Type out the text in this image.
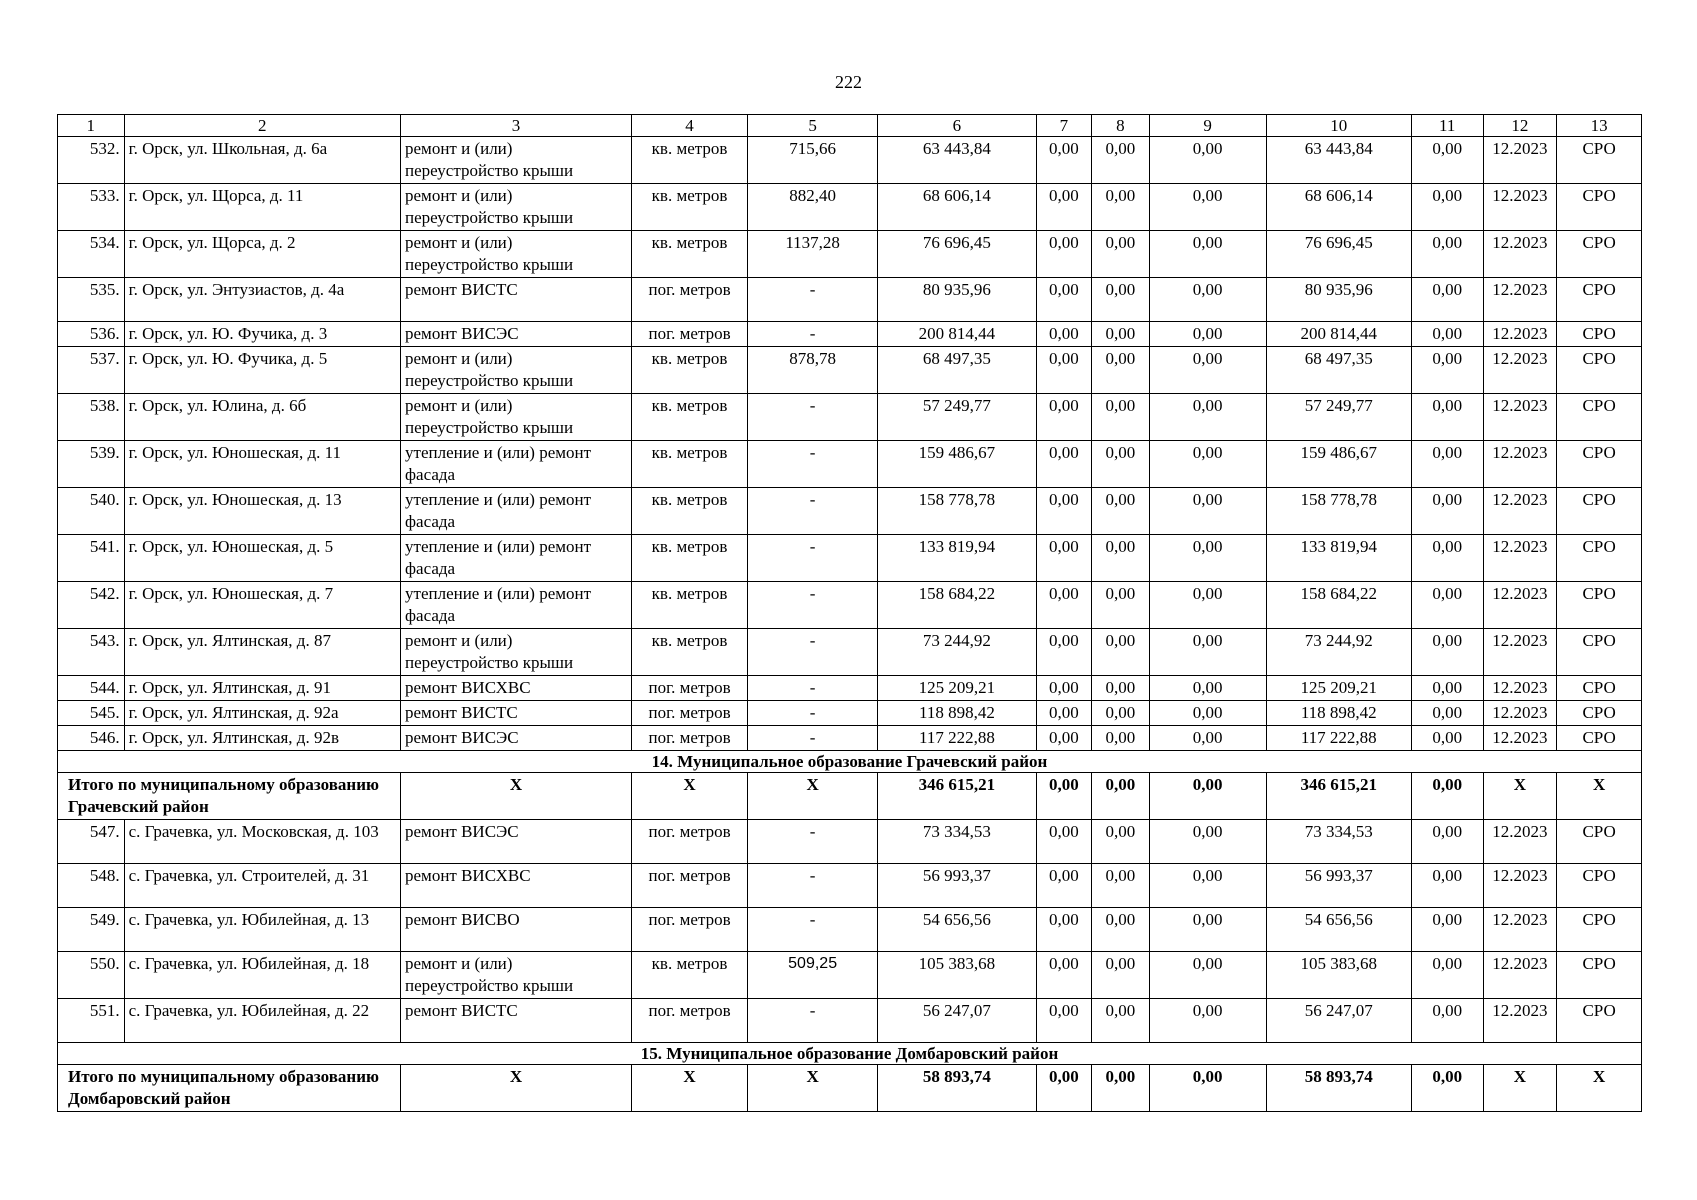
222
1	2	3	4	5	6	7	8	9	10	11	12	13
532.	г. Орск, ул. Школьная, д. 6а	ремонт и (или) переустройство крыши	кв. метров	715,66	63 443,84	0,00	0,00	0,00	63 443,84	0,00	12.2023	СРО
533.	г. Орск, ул. Щорса, д. 11	ремонт и (или) переустройство крыши	кв. метров	882,40	68 606,14	0,00	0,00	0,00	68 606,14	0,00	12.2023	СРО
534.	г. Орск, ул. Щорса, д. 2	ремонт и (или) переустройство крыши	кв. метров	1137,28	76 696,45	0,00	0,00	0,00	76 696,45	0,00	12.2023	СРО
535.	г. Орск, ул. Энтузиастов, д. 4а	ремонт ВИСТС	пог. метров	-	80 935,96	0,00	0,00	0,00	80 935,96	0,00	12.2023	СРО
536.	г. Орск, ул. Ю. Фучика, д. 3	ремонт ВИСЭС	пог. метров	-	200 814,44	0,00	0,00	0,00	200 814,44	0,00	12.2023	СРО
537.	г. Орск, ул. Ю. Фучика, д. 5	ремонт и (или) переустройство крыши	кв. метров	878,78	68 497,35	0,00	0,00	0,00	68 497,35	0,00	12.2023	СРО
538.	г. Орск, ул. Юлина, д. 6б	ремонт и (или) переустройство крыши	кв. метров	-	57 249,77	0,00	0,00	0,00	57 249,77	0,00	12.2023	СРО
539.	г. Орск, ул. Юношеская, д. 11	утепление и (или) ремонт фасада	кв. метров	-	159 486,67	0,00	0,00	0,00	159 486,67	0,00	12.2023	СРО
540.	г. Орск, ул. Юношеская, д. 13	утепление и (или) ремонт фасада	кв. метров	-	158 778,78	0,00	0,00	0,00	158 778,78	0,00	12.2023	СРО
541.	г. Орск, ул. Юношеская, д. 5	утепление и (или) ремонт фасада	кв. метров	-	133 819,94	0,00	0,00	0,00	133 819,94	0,00	12.2023	СРО
542.	г. Орск, ул. Юношеская, д. 7	утепление и (или) ремонт фасада	кв. метров	-	158 684,22	0,00	0,00	0,00	158 684,22	0,00	12.2023	СРО
543.	г. Орск, ул. Ялтинская, д. 87	ремонт и (или) переустройство крыши	кв. метров	-	73 244,92	0,00	0,00	0,00	73 244,92	0,00	12.2023	СРО
544.	г. Орск, ул. Ялтинская, д. 91	ремонт ВИСХВС	пог. метров	-	125 209,21	0,00	0,00	0,00	125 209,21	0,00	12.2023	СРО
545.	г. Орск, ул. Ялтинская, д. 92а	ремонт ВИСТС	пог. метров	-	118 898,42	0,00	0,00	0,00	118 898,42	0,00	12.2023	СРО
546.	г. Орск, ул. Ялтинская, д. 92в	ремонт ВИСЭС	пог. метров	-	117 222,88	0,00	0,00	0,00	117 222,88	0,00	12.2023	СРО
14. Муниципальное образование Грачевский район												
Итого по муниципальному образованию Грачевский район		X	X	X	346 615,21	0,00	0,00	0,00	346 615,21	0,00	X	X
547.	с. Грачевка, ул. Московская, д. 103	ремонт ВИСЭС	пог. метров	-	73 334,53	0,00	0,00	0,00	73 334,53	0,00	12.2023	СРО
548.	с. Грачевка, ул. Строителей, д. 31	ремонт ВИСХВС	пог. метров	-	56 993,37	0,00	0,00	0,00	56 993,37	0,00	12.2023	СРО
549.	с. Грачевка, ул. Юбилейная, д. 13	ремонт ВИСВО	пог. метров	-	54 656,56	0,00	0,00	0,00	54 656,56	0,00	12.2023	СРО
550.	с. Грачевка, ул. Юбилейная, д. 18	ремонт и (или) переустройство крыши	кв. метров	509,25	105 383,68	0,00	0,00	0,00	105 383,68	0,00	12.2023	СРО
551.	с. Грачевка, ул. Юбилейная, д. 22	ремонт ВИСТС	пог. метров	-	56 247,07	0,00	0,00	0,00	56 247,07	0,00	12.2023	СРО
15. Муниципальное образование Домбаровский район												
Итого по муниципальному образованию Домбаровский район		X	X	X	58 893,74	0,00	0,00	0,00	58 893,74	0,00	X	X
